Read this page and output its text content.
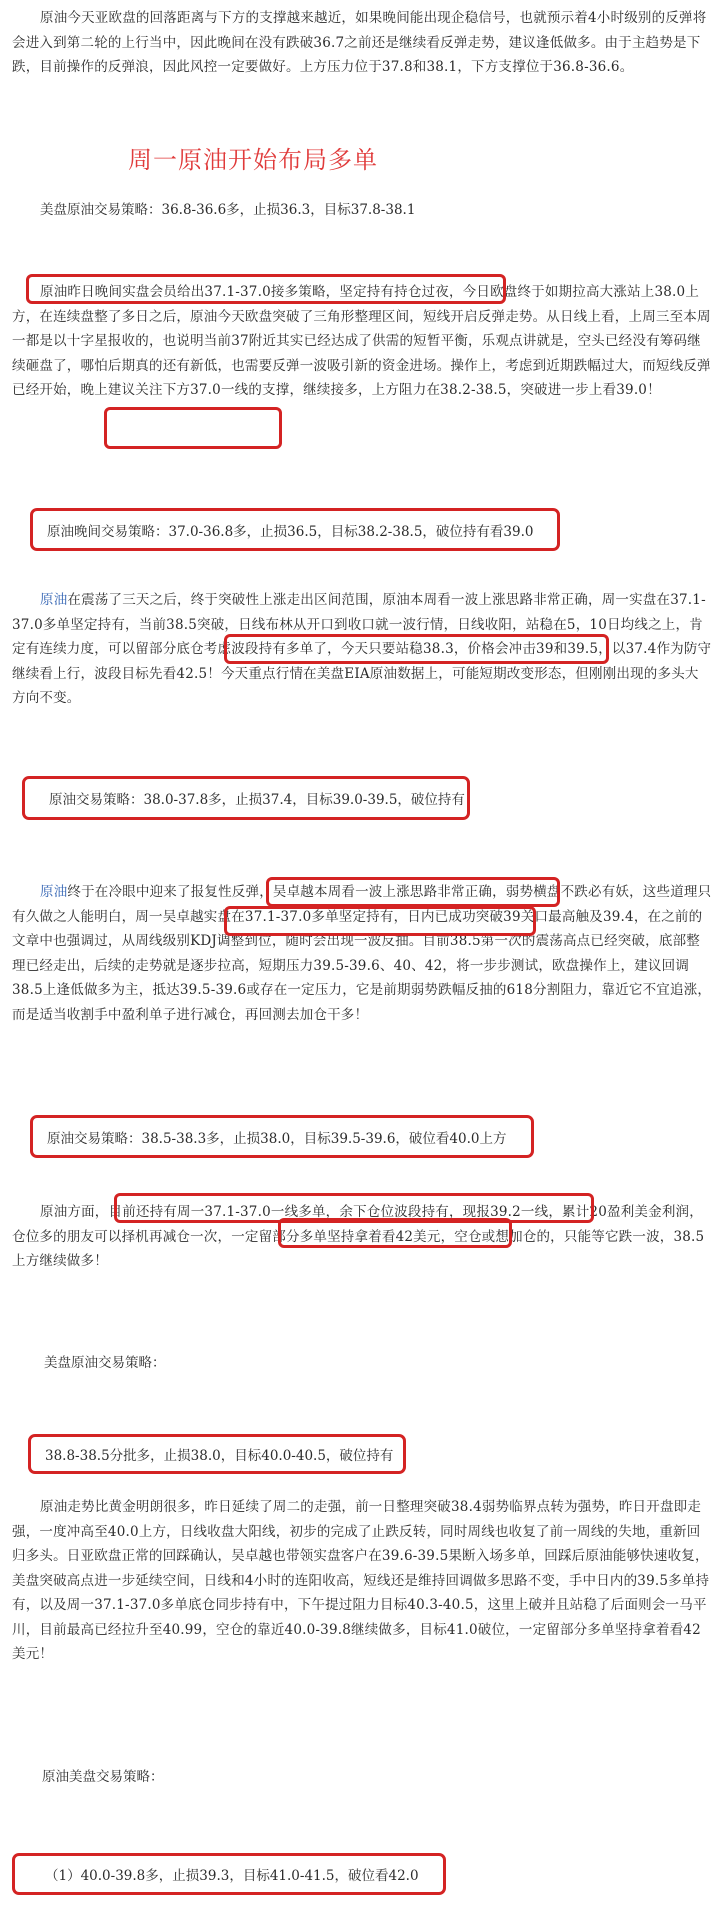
原油今天亚欧盘的回落距离与下方的支撑越来越近，如果晚间能出现企稳信号，也就预示着4小时级别的反弹将会进入到第二轮的上行当中，因此晚间在没有跌破36.7之前还是继续看反弹走势，建议逢低做多。由于主趋势是下跌，目前操作的反弹浪，因此风控一定要做好。上方压力位于37.8和38.1，下方支撑位于36.8-36.6。

周一原油开始布局多单
美盘原油交易策略：36.8-36.6多，止损36.3，目标37.8-38.1

原油昨日晚间实盘会员给出37.1-37.0接多策略，坚定持有持仓过夜，今日欧盘终于如期拉高大涨站上38.0上方，在连续盘整了多日之后，原油今天欧盘突破了三角形整理区间，短线开启反弹走势。从日线上看，上周三至本周一都是以十字星报收的，也说明当前37附近其实已经达成了供需的短暂平衡，乐观点讲就是，空头已经没有筹码继续砸盘了，哪怕后期真的还有新低，也需要反弹一波吸引新的资金进场。操作上，考虑到近期跌幅过大，而短线反弹已经开始，晚上建议关注下方37.0一线的支撑，继续接多，上方阻力在38.2-38.5，突破进一步上看39.0！

原油晚间交易策略：37.0-36.8多，止损36.5，目标38.2-38.5，破位持有看39.0

原油在震荡了三天之后，终于突破性上涨走出区间范围，原油本周看一波上涨思路非常正确，周一实盘在37.1-37.0多单坚定持有，当前38.5突破，日线布林从开口到收口就一波行情，日线收阳，站稳在5，10日均线之上，肯定有连续力度，可以留部分底仓考虑波段持有多单了，今天只要站稳38.3，价格会冲击39和39.5，以37.4作为防守继续看上行，波段目标先看42.5！今天重点行情在美盘EIA原油数据上，可能短期改变形态，但刚刚出现的多头大方向不变。

原油交易策略：38.0-37.8多，止损37.4，目标39.0-39.5，破位持有

原油终于在冷眼中迎来了报复性反弹，吴卓越本周看一波上涨思路非常正确，弱势横盘不跌必有妖，这些道理只有久做之人能明白，周一吴卓越实盘在37.1-37.0多单坚定持有，日内已成功突破39关口最高触及39.4，在之前的文章中也强调过，从周线级别KDJ调整到位，随时会出现一波反抽。目前38.5第一次的震荡高点已经突破，底部整理已经走出，后续的走势就是逐步拉高，短期压力39.5-39.6、40、42，将一步步测试，欧盘操作上，建议回调38.5上逢低做多为主，抵达39.5-39.6或存在一定压力，它是前期弱势跌幅反抽的618分割阻力，靠近它不宜追涨，而是适当收割手中盈利单子进行减仓，再回测去加仓干多！

原油交易策略：38.5-38.3多，止损38.0，目标39.5-39.6，破位看40.0上方

原油方面，目前还持有周一37.1-37.0一线多单，余下仓位波段持有，现报39.2一线，累计20盈利美金利润，仓位多的朋友可以择机再减仓一次，一定留部分多单坚持拿着看42美元，空仓或想加仓的，只能等它跌一波，38.5上方继续做多！

美盘原油交易策略：
38.8-38.5分批多，止损38.0，目标40.0-40.5，破位持有

原油走势比黄金明朗很多，昨日延续了周二的走强，前一日整理突破38.4弱势临界点转为强势，昨日开盘即走强，一度冲高至40.0上方，日线收盘大阳线，初步的完成了止跌反转，同时周线也收复了前一周线的失地，重新回归多头。日亚欧盘正常的回踩确认，吴卓越也带领实盘客户在39.6-39.5果断入场多单，回踩后原油能够快速收复，美盘突破高点进一步延续空间，日线和4小时的连阳收高，短线还是维持回调做多思路不变，手中日内的39.5多单持有，以及周一37.1-37.0多单底仓同步持有中，下午提过阻力目标40.3-40.5，这里上破并且站稳了后面则会一马平川，目前最高已经拉升至40.99，空仓的靠近40.0-39.8继续做多，目标41.0破位，一定留部分多单坚持拿着看42美元！

原油美盘交易策略：
（1）40.0-39.8多，止损39.3，目标41.0-41.5，破位看42.0
